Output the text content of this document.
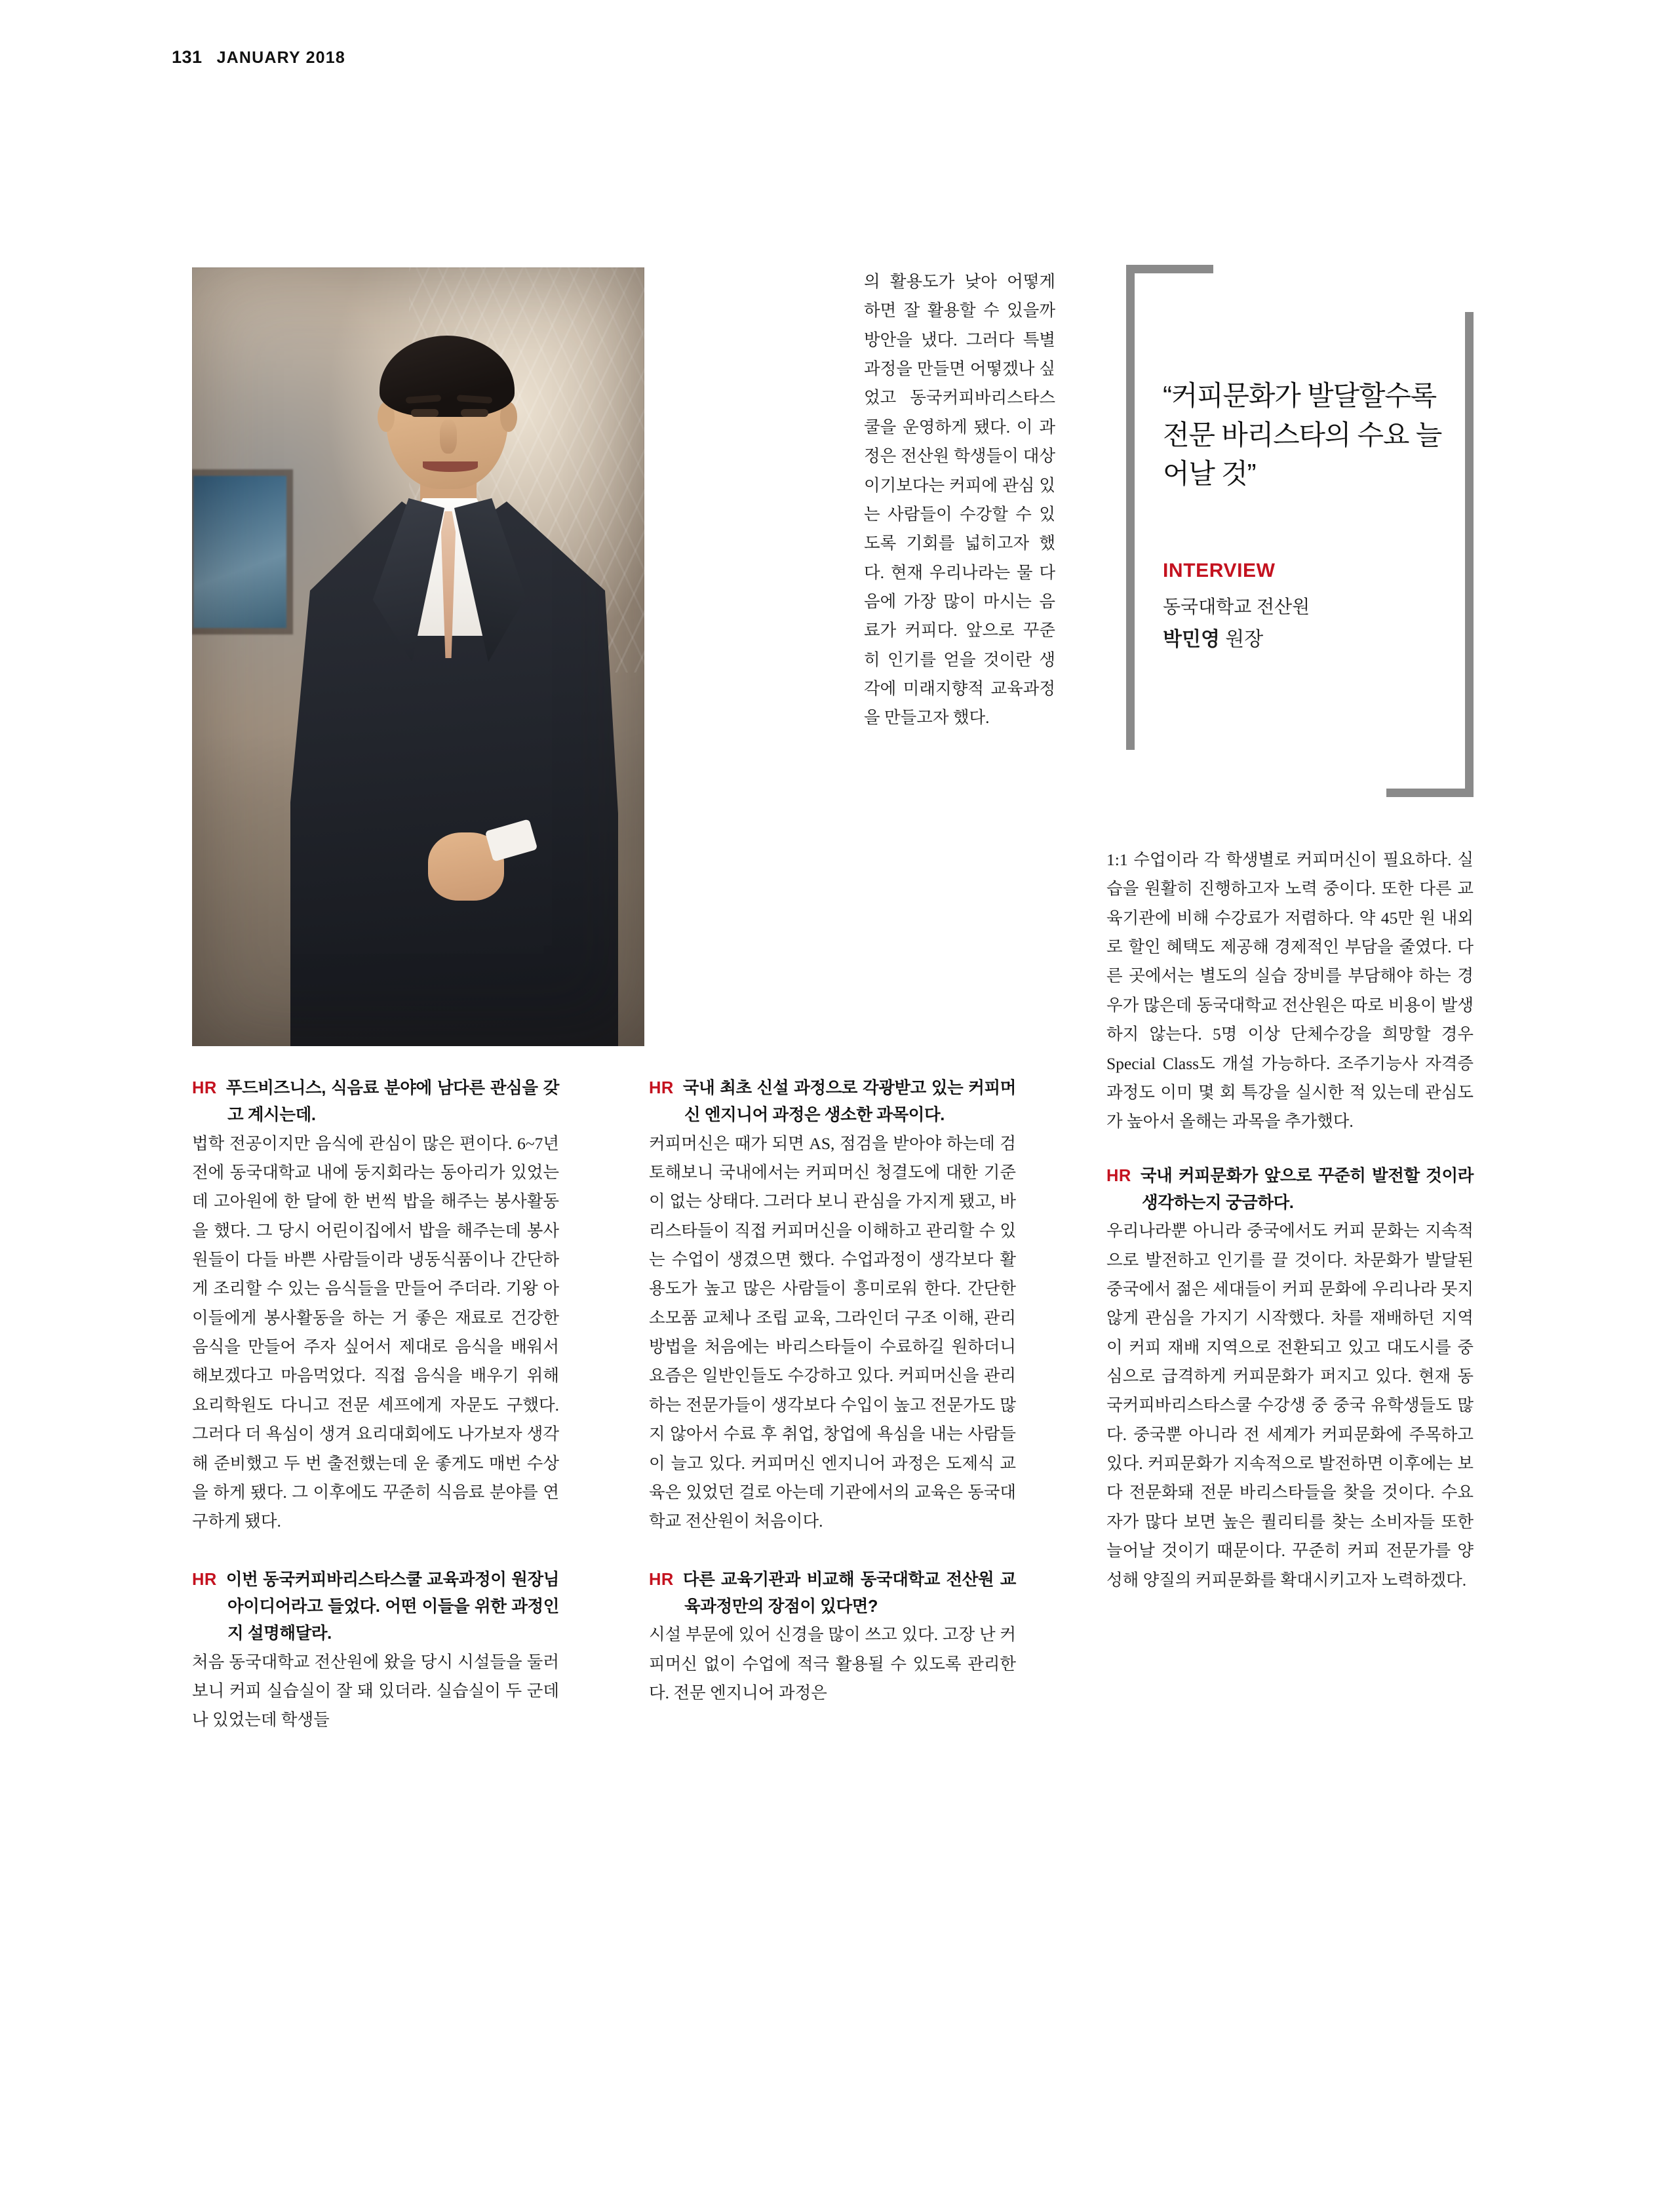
131 JANUARY 2018

의 활용도가 낮아 어떻게 하면 잘 활용할 수 있을까 방안을 냈다. 그러다 특별과정을 만들면 어떻겠나 싶었고 동국커피바리스타스쿨을 운영하게 됐다. 이 과정은 전산원 학생들이 대상이기보다는 커피에 관심 있는 사람들이 수강할 수 있도록 기회를 넓히고자 했다. 현재 우리나라는 물 다음에 가장 많이 마시는 음료가 커피다. 앞으로 꾸준히 인기를 얻을 것이란 생각에 미래지향적 교육과정을 만들고자 했다.

“커피문화가 발달할수록 전문 바리스타의 수요 늘어날 것”
INTERVIEW
동국대학교 전산원
박민영 원장
HR 푸드비즈니스, 식음료 분야에 남다른 관심을 갖고 계시는데.

법학 전공이지만 음식에 관심이 많은 편이다. 6~7년 전에 동국대학교 내에 둥지회라는 동아리가 있었는데 고아원에 한 달에 한 번씩 밥을 해주는 봉사활동을 했다. 그 당시 어린이집에서 밥을 해주는데 봉사원들이 다들 바쁜 사람들이라 냉동식품이나 간단하게 조리할 수 있는 음식들을 만들어 주더라. 기왕 아이들에게 봉사활동을 하는 거 좋은 재료로 건강한 음식을 만들어 주자 싶어서 제대로 음식을 배워서 해보겠다고 마음먹었다. 직접 음식을 배우기 위해 요리학원도 다니고 전문 셰프에게 자문도 구했다. 그러다 더 욕심이 생겨 요리대회에도 나가보자 생각해 준비했고 두 번 출전했는데 운 좋게도 매번 수상을 하게 됐다. 그 이후에도 꾸준히 식음료 분야를 연구하게 됐다.

HR 이번 동국커피바리스타스쿨 교육과정이 원장님 아이디어라고 들었다. 어떤 이들을 위한 과정인지 설명해달라.

처음 동국대학교 전산원에 왔을 당시 시설들을 둘러보니 커피 실습실이 잘 돼 있더라. 실습실이 두 군데나 있었는데 학생들

HR 국내 최초 신설 과정으로 각광받고 있는 커피머신 엔지니어 과정은 생소한 과목이다.

커피머신은 때가 되면 AS, 점검을 받아야 하는데 검토해보니 국내에서는 커피머신 청결도에 대한 기준이 없는 상태다. 그러다 보니 관심을 가지게 됐고, 바리스타들이 직접 커피머신을 이해하고 관리할 수 있는 수업이 생겼으면 했다. 수업과정이 생각보다 활용도가 높고 많은 사람들이 흥미로워 한다. 간단한 소모품 교체나 조립 교육, 그라인더 구조 이해, 관리방법을 처음에는 바리스타들이 수료하길 원하더니 요즘은 일반인들도 수강하고 있다. 커피머신을 관리하는 전문가들이 생각보다 수입이 높고 전문가도 많지 않아서 수료 후 취업, 창업에 욕심을 내는 사람들이 늘고 있다. 커피머신 엔지니어 과정은 도제식 교육은 있었던 걸로 아는데 기관에서의 교육은 동국대학교 전산원이 처음이다.

HR 다른 교육기관과 비교해 동국대학교 전산원 교육과정만의 장점이 있다면?

시설 부문에 있어 신경을 많이 쓰고 있다. 고장 난 커피머신 없이 수업에 적극 활용될 수 있도록 관리한다. 전문 엔지니어 과정은

1:1 수업이라 각 학생별로 커피머신이 필요하다. 실습을 원활히 진행하고자 노력 중이다. 또한 다른 교육기관에 비해 수강료가 저렴하다. 약 45만 원 내외로 할인 혜택도 제공해 경제적인 부담을 줄였다. 다른 곳에서는 별도의 실습 장비를 부담해야 하는 경우가 많은데 동국대학교 전산원은 따로 비용이 발생하지 않는다. 5명 이상 단체수강을 희망할 경우 Special Class도 개설 가능하다. 조주기능사 자격증 과정도 이미 몇 회 특강을 실시한 적 있는데 관심도가 높아서 올해는 과목을 추가했다.

HR 국내 커피문화가 앞으로 꾸준히 발전할 것이라 생각하는지 궁금하다.

우리나라뿐 아니라 중국에서도 커피 문화는 지속적으로 발전하고 인기를 끌 것이다. 차문화가 발달된 중국에서 젊은 세대들이 커피 문화에 우리나라 못지않게 관심을 가지기 시작했다. 차를 재배하던 지역이 커피 재배 지역으로 전환되고 있고 대도시를 중심으로 급격하게 커피문화가 퍼지고 있다. 현재 동국커피바리스타스쿨 수강생 중 중국 유학생들도 많다. 중국뿐 아니라 전 세계가 커피문화에 주목하고 있다. 커피문화가 지속적으로 발전하면 이후에는 보다 전문화돼 전문 바리스타들을 찾을 것이다. 수요자가 많다 보면 높은 퀄리티를 찾는 소비자들 또한 늘어날 것이기 때문이다. 꾸준히 커피 전문가를 양성해 양질의 커피문화를 확대시키고자 노력하겠다.
